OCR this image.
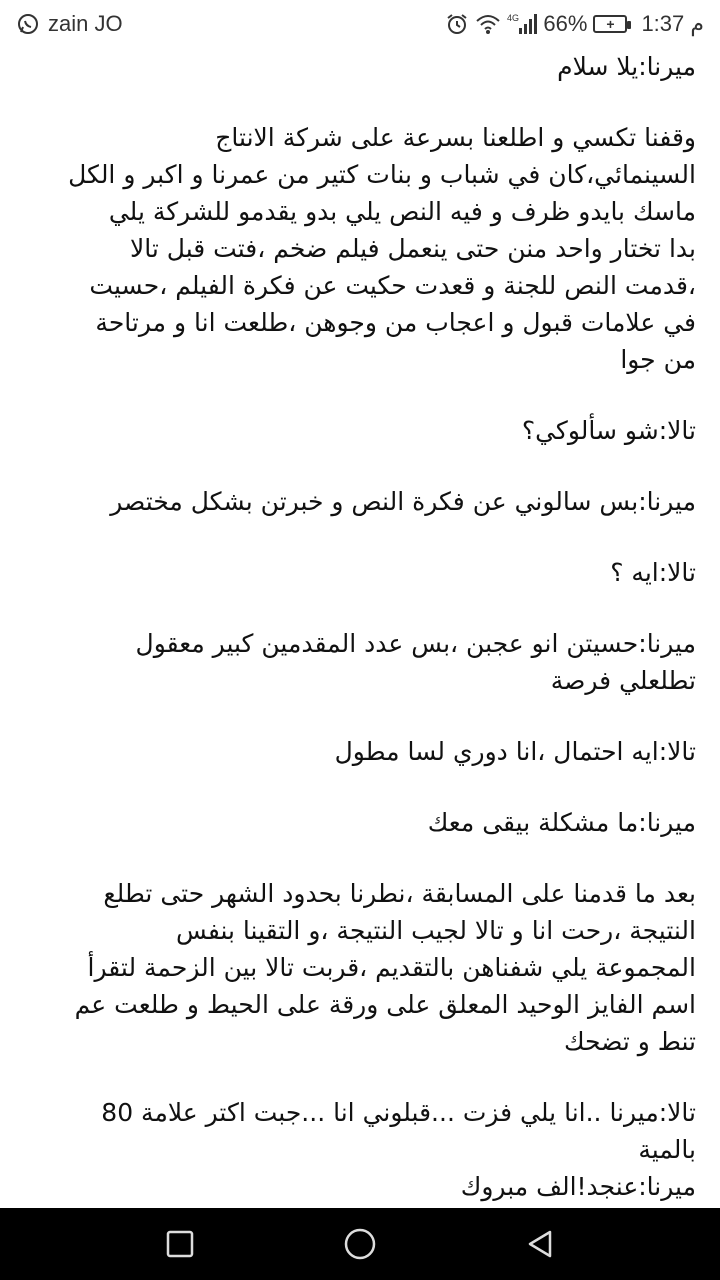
zain JO	4G 66%	+	1:37 م

ميرنا:يلا سلام

وقفنا تكسي و اطلعنا بسرعة على شركة الانتاج
السينمائي،كان في شباب و بنات كتير من عمرنا و اكبر و الكل
ماسك بايدو ظرف و فيه النص يلي بدو يقدمو للشركة يلي
بدا تختار واحد منن حتى ينعمل فيلم ضخم ،فتت قبل تالا
،قدمت النص للجنة و قعدت حكيت عن فكرة الفيلم ،حسيت
في علامات قبول و اعجاب من وجوهن ،طلعت انا و مرتاحة
من جوا

تالا:شو سألوكي؟

ميرنا:بس سالوني عن فكرة النص و خبرتن بشكل مختصر

تالا:ايه ؟

ميرنا:حسيتن انو عجبن ،بس عدد المقدمين كبير معقول
تطلعلي فرصة

تالا:ايه احتمال ،انا دوري لسا مطول

ميرنا:ما مشكلة بيقى معك

بعد ما قدمنا على المسابقة ،نطرنا بحدود الشهر حتى تطلع
النتيجة ،رحت انا و تالا لجيب النتيجة ،و التقينا بنفس
المجموعة يلي شفناهن بالتقديم ،قربت تالا بين الزحمة لتقرأ
اسم الفايز الوحيد المعلق على ورقة على الحيط و طلعت عم
تنط و تضحك

تالا:ميرنا ..انا يلي فزت ...قبلوني انا ...جبت اكتر علامة 80
بالمية

ميرنا:عنجد!الف مبروك
